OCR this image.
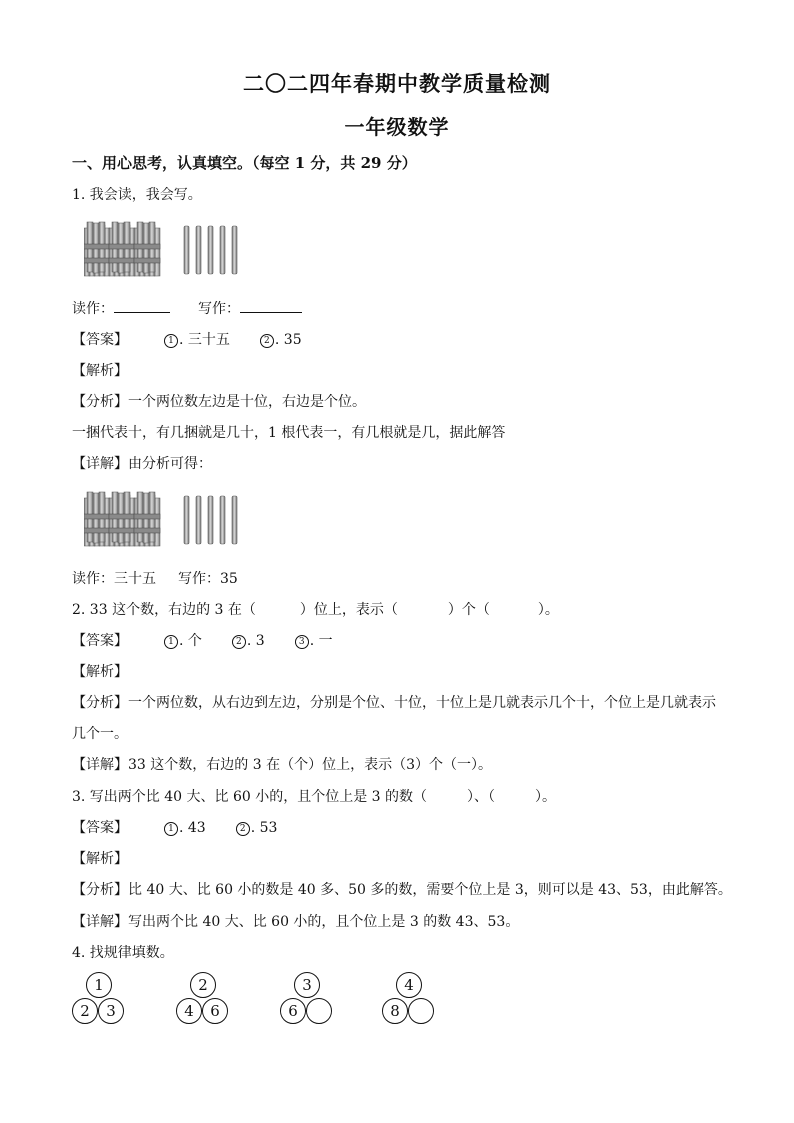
二〇二四年春期中教学质量检测
一年级数学
一、用心思考，认真填空。（每空 1 分，共 29 分）
1. 我会读，我会写。
读作：	写作：
【答案】	1 . 三十五	2 . 35
【解析】
【分析】一个两位数左边是十位，右边是个位。
一捆代表十，有几捆就是几十，1 根代表一，有几根就是几，据此解答
【详解】由分析可得：
读作：三十五 写作：35
2. 33 这个数，右边的 3 在（	）位上，表示（	）个（	）。
【答案】	1 . 个	2 . 3	3 . 一
【解析】
【分析】一个两位数，从右边到左边，分别是个位、十位，十位上是几就表示几个十，个位上是几就表示
几个一。
【详解】33 这个数，右边的 3 在（个）位上，表示（3）个（一）。
3. 写出两个比 40 大、比 60 小的，且个位上是 3 的数（	）、（	）。
【答案】	1 . 43	2 . 53
【解析】
【分析】比 40 大、比 60 小的数是 40 多、50 多的数，需要个位上是 3，则可以是 43、53，由此解答。
【详解】写出两个比 40 大、比 60 小的，且个位上是 3 的数 43、53。
4. 找规律填数。
1
2	3
2
4	6
3
6
4
8
